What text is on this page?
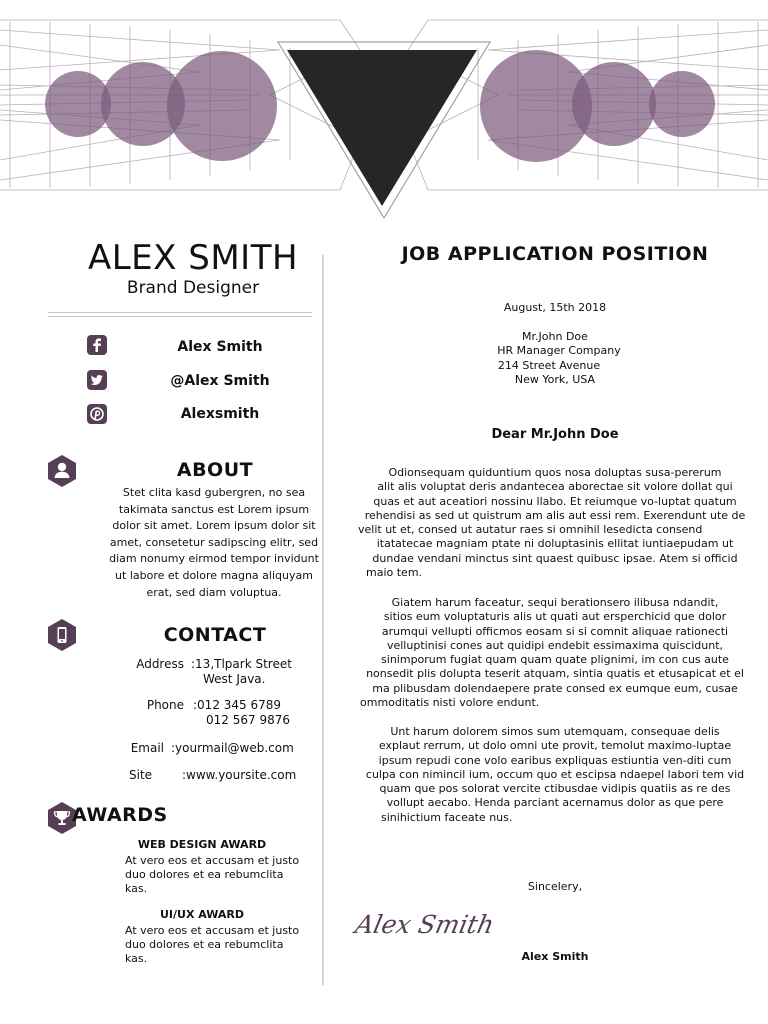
ALEX SMITH
Brand Designer
Alex Smith
@Alex Smith
Alexsmith
ABOUT
Stet clita kasd gubergren, no sea
takimata sanctus est Lorem ipsum
dolor sit amet. Lorem ipsum dolor sit
amet, consetetur sadipscing elitr, sed
diam nonumy eirmod tempor invidunt
ut labore et dolore magna aliquyam
erat, sed diam voluptua.
CONTACT
Address :13,Tlpark Street
West Java.
Phone :012 345 6789
012 567 9876
Email :yourmail@web.com
Site :www.yoursite.com
AWARDS
WEB DESIGN AWARD
At vero eos et accusam et justo
duo dolores et ea rebumclita
kas.
UI/UX AWARD
At vero eos et accusam et justo
duo dolores et ea rebumclita
kas.
JOB APPLICATION POSITION
August, 15th 2018
Mr.John Doe
HR Manager Company
214 Street Avenue
New York, USA
Dear Mr.John Doe

Odionsequam quiduntium quos nosa doluptas susa-pererum

alit alis voluptat deris andantecea aborectae sit volore dollat qui

quas et aut aceatiori nossinu llabo. Et reiumque vo-luptat quatum

rehendisi as sed ut quistrum am alis aut essi rem. Exerendunt ute de

velit ut et, consed ut autatur raes si omnihil lesedicta consend

itatatecae magniam ptate ni doluptasinis ellitat iuntiaepudam ut

dundae vendani minctus sint quaest quibusc ipsae. Atem si officid

maio tem.

Giatem harum faceatur, sequi berationsero ilibusa ndandit,

sitios eum voluptaturis alis ut quati aut ersperchicid que dolor

arumqui vellupti officmos eosam si si comnit aliquae rationecti

velluptinisi cones aut quidipi endebit essimaxima quiscidunt,

sinimporum fugiat quam quam quate plignimi, im con cus aute

nonsedit plis dolupta teserit atquam, sintia quatis et etusapicat et el

ma plibusdam dolendaepere prate consed ex eumque eum, cusae

ommoditatis nisti volore endunt.

Unt harum dolorem simos sum utemquam, consequae delis

explaut rerrum, ut dolo omni ute provit, temolut maximo-luptae

ipsum repudi cone volo earibus expliquas estiuntia ven-diti cum

culpa con nimincil ium, occum quo et escipsa ndaepel labori tem vid

quam que pos solorat vercite ctibusdae vidipis quatiis as re des

vollupt aecabo. Henda parciant acernamus dolor as que pere

sinihictium faceate nus.

Sincelery,
Alex Smith
Alex Smith
